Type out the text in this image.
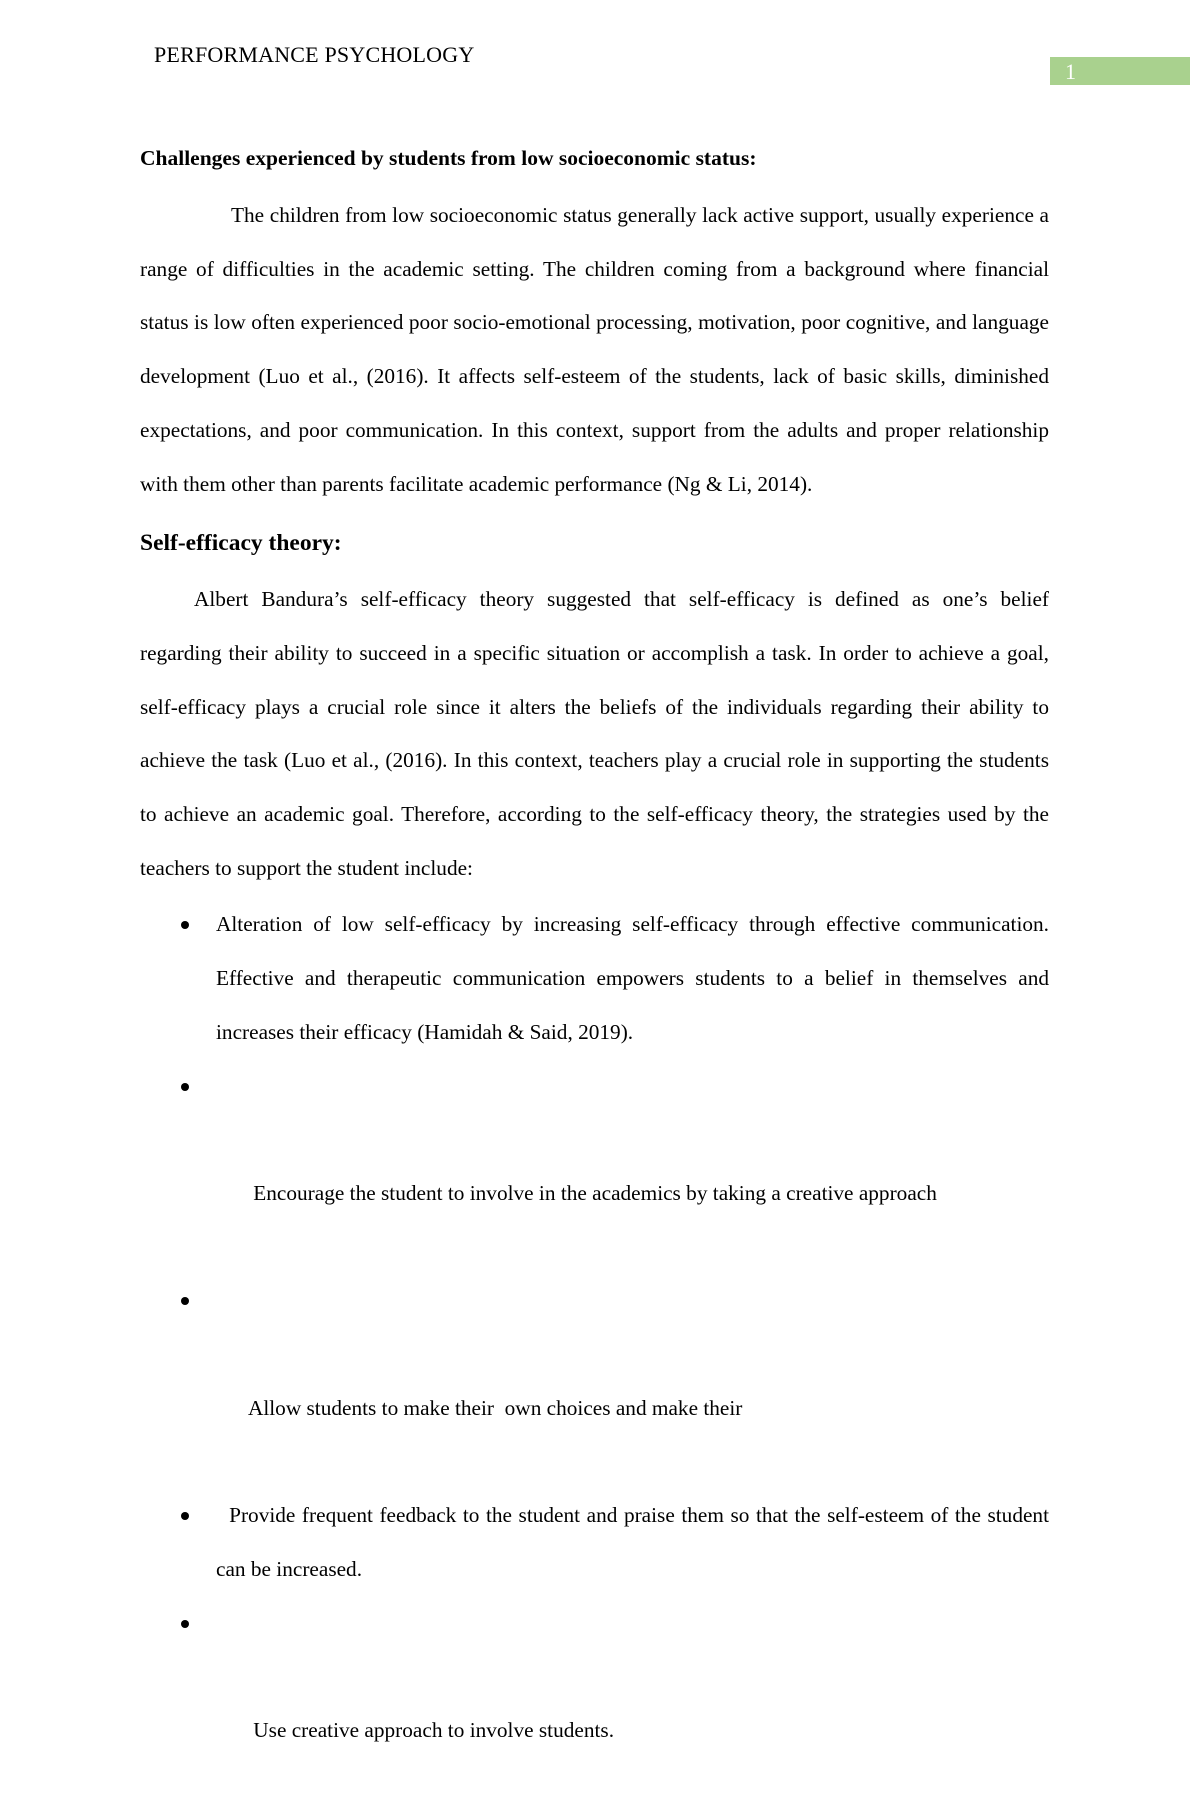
PERFORMANCE PSYCHOLOGY
1
Challenges experienced by students from low socioeconomic status:

The children from low socioeconomic status generally lack active support, usually experience a range of difficulties in the academic setting. The children coming from a background where financial status is low often experienced poor socio-emotional processing, motivation, poor cognitive, and language development (Luo et al., (2016). It affects self-esteem of the students, lack of basic skills, diminished expectations, and poor communication. In this context, support from the adults and proper relationship with them other than parents facilitate academic performance (Ng & Li, 2014).

Self-efficacy theory:

Albert Bandura’s self-efficacy theory suggested that self-efficacy is defined as one’s belief regarding their ability to succeed in a specific situation or accomplish a task. In order to achieve a goal, self-efficacy plays a crucial role since it alters the beliefs of the individuals regarding their ability to achieve the task (Luo et al., (2016). In this context, teachers play a crucial role in supporting the students to achieve an academic goal. Therefore, according to the self-efficacy theory, the strategies used by the teachers to support the student include:

Alteration of low self-efficacy by increasing self-efficacy through effective communication. Effective and therapeutic communication empowers students to a belief in themselves and increases their efficacy (Hamidah & Said, 2019).

Encourage the student to involve in the academics by taking a creative approach

Allow students to make their  own choices and make their

Provide frequent feedback to the student and praise them so that the self-esteem of the student can be increased.

Use creative approach to involve students.
